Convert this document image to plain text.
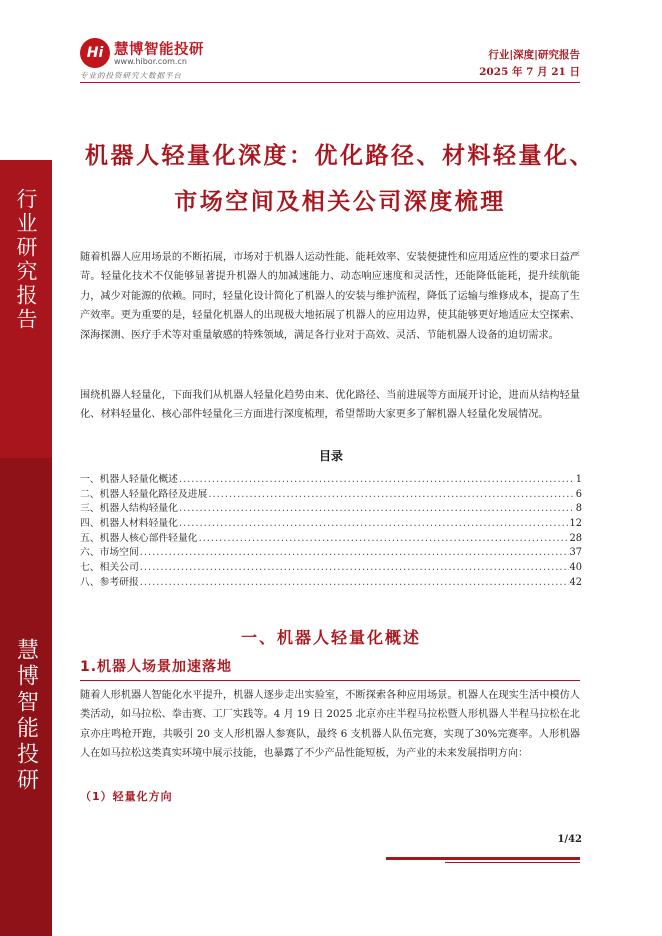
行业研究报告
慧博智能投研
Hi 慧博智能投研
www.hibor.com.cn
专业的投资研究大数据平台
行业|深度|研究报告
2025 年 7 月 21 日
机器人轻量化深度：优化路径、材料轻量化、
市场空间及相关公司深度梳理

随着机器人应用场景的不断拓展，市场对于机器人运动性能、能耗效率、安装便捷性和应用适应性的要求日益严苛。轻量化技术不仅能够显著提升机器人的加减速能力、动态响应速度和灵活性，还能降低能耗，提升续航能力，减少对能源的依赖。同时，轻量化设计简化了机器人的安装与维护流程，降低了运输与维修成本，提高了生产效率。更为重要的是，轻量化机器人的出现极大地拓展了机器人的应用边界，使其能够更好地适应太空探索、深海探测、医疗手术等对重量敏感的特殊领域，满足各行业对于高效、灵活、节能机器人设备的迫切需求。

围绕机器人轻量化，下面我们从机器人轻量化趋势由来、优化路径、当前进展等方面展开讨论，进而从结构轻量化、材料轻量化、核心部件轻量化三方面进行深度梳理，希望帮助大家更多了解机器人轻量化发展情况。

目录
一、机器人轻量化概述 .....	1
二、机器人轻量化路径及进展 .....	6
三、机器人结构轻量化 .....	8
四、机器人材料轻量化 .....	12
五、机器人核心部件轻量化 .....	28
六、市场空间 .....	37
七、相关公司 .....	40
八、参考研报 .....	42
一、机器人轻量化概述
1.机器人场景加速落地

随着人形机器人智能化水平提升，机器人逐步走出实验室，不断探索各种应用场景。机器人在现实生活中模仿人类活动，如马拉松、拳击赛、工厂实践等。4 月 19 日 2025 北京亦庄半程马拉松暨人形机器人半程马拉松在北京亦庄鸣枪开跑，共吸引 20 支人形机器人参赛队，最终 6 支机器人队伍完赛，实现了30%完赛率。人形机器人在如马拉松这类真实环境中展示技能，也暴露了不少产品性能短板，为产业的未来发展指明方向：

（1）轻量化方向
1/42
